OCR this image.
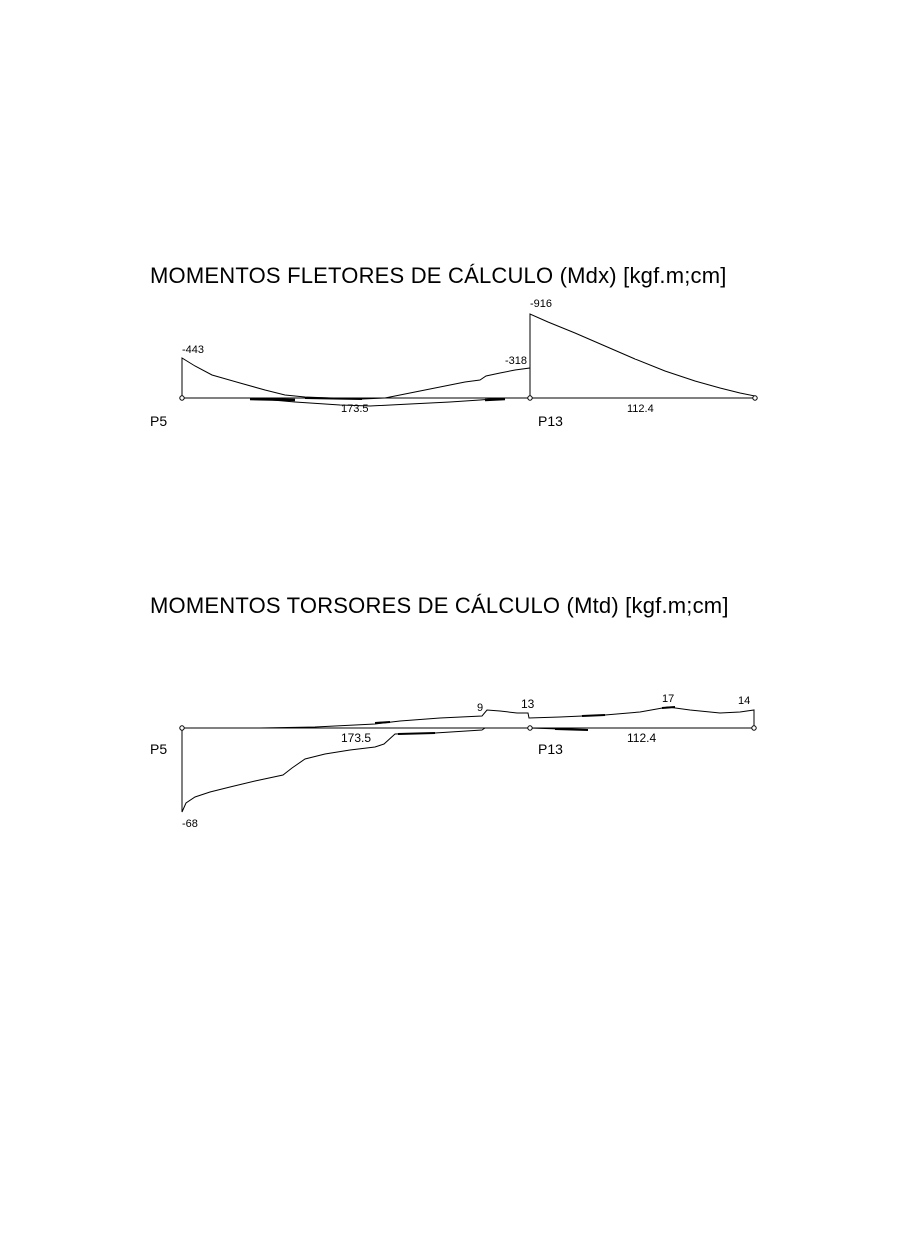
MOMENTOS FLETORES DE CÁLCULO (Mdx) [kgf.m;cm]
P5	P13
173.5	112.4
-443
-318
-916
P5	P13
173.5	112.4
9	13	17	14
-68
MOMENTOS TORSORES DE CÁLCULO (Mtd) [kgf.m;cm]
